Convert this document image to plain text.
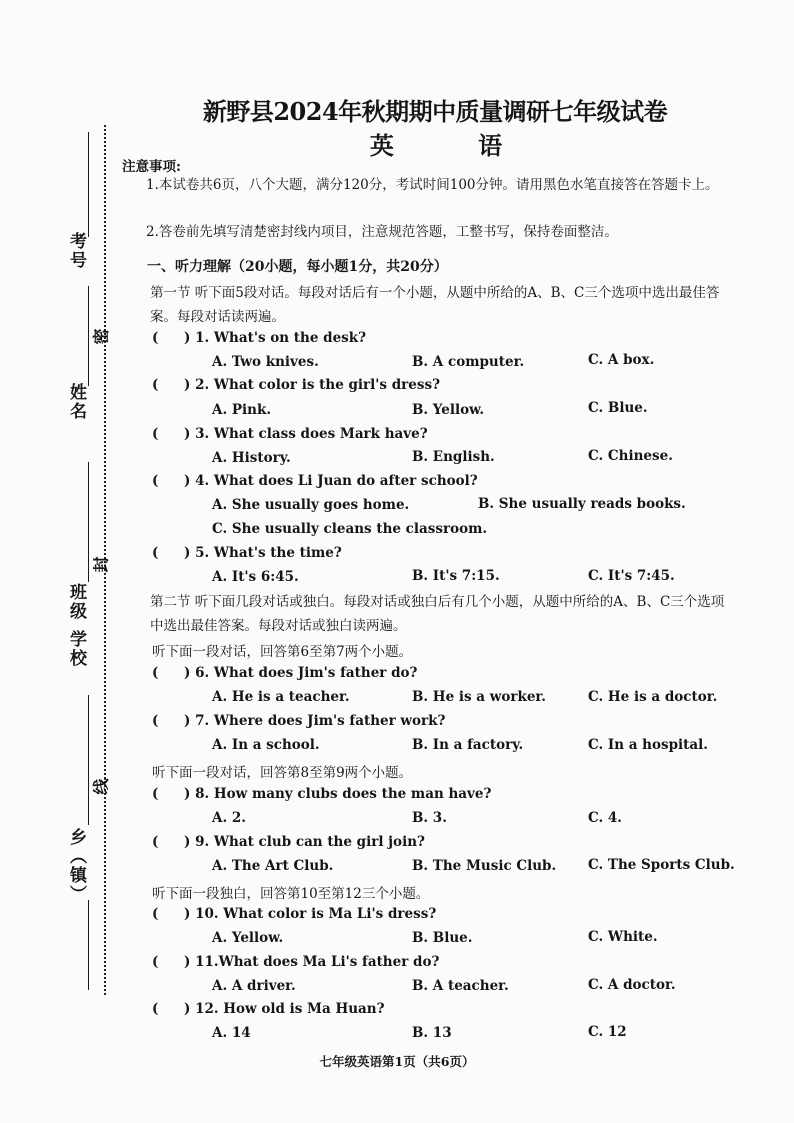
考号
姓名
班级
学校
乡（镇）
密
封
线
新野县2024年秋期期中质量调研七年级试卷
英 语
注意事项:
1.本试卷共6页，八个大题，满分120分，考试时间100分钟。请用黑色水笔直接答在答题卡上。
2.答卷前先填写清楚密封线内项目，注意规范答题，工整书写，保持卷面整洁。
一、听力理解（20小题，每小题1分，共20分）
第一节 听下面5段对话。每段对话后有一个小题，从题中所给的A、B、C三个选项中选出最佳答案。每段对话读两遍。
( ) 1. What's on the desk?
A. Two knives.	B. A computer.	C. A box.
( ) 2. What color is the girl's dress?
A. Pink.	B. Yellow.	C. Blue.
( ) 3. What class does Mark have?
A. History.	B. English.	C. Chinese.
( ) 4. What does Li Juan do after school?
A. She usually goes home.	B. She usually reads books.
C. She usually cleans the classroom.
( ) 5. What's the time?
A. It's 6:45.	B. It's 7:15.	C. It's 7:45.
第二节 听下面几段对话或独白。每段对话或独白后有几个小题，从题中所给的A、B、C三个选项中选出最佳答案。每段对话或独白读两遍。
听下面一段对话，回答第6至第7两个小题。
( ) 6. What does Jim's father do?
A. He is a teacher.	B. He is a worker.	C. He is a doctor.
( ) 7. Where does Jim's father work?
A. In a school.	B. In a factory.	C. In a hospital.
听下面一段对话，回答第8至第9两个小题。
( ) 8. How many clubs does the man have?
A. 2.	B. 3.	C. 4.
( ) 9. What club can the girl join?
A. The Art Club.	B. The Music Club. C. The Sports Club.
听下面一段独白，回答第10至第12三个小题。
( ) 10. What color is Ma Li's dress?
A. Yellow.	B. Blue.	C. White.
( ) 11.What does Ma Li's father do?
A. A driver.	B. A teacher.	C. A doctor.
( ) 12. How old is Ma Huan?
A. 14	B. 13	C. 12
七年级英语第1页（共6页）
